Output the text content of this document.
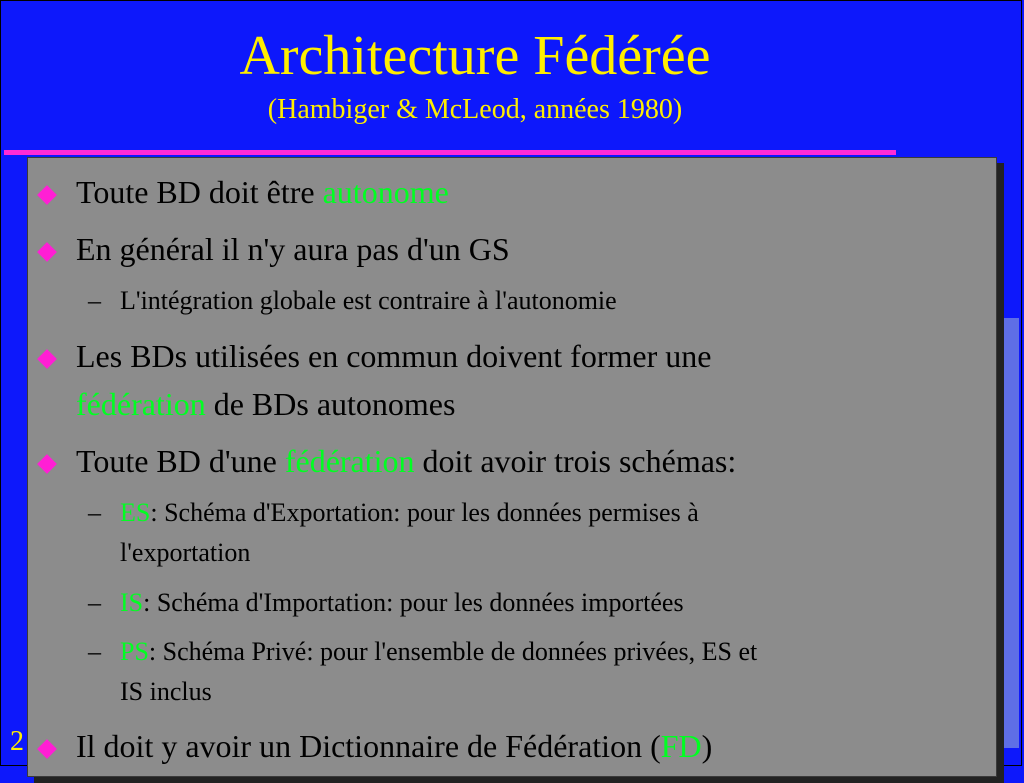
Architecture Fédérée
(Hambiger & McLeod, années 1980)
2
Toute BD doit être autonome
En général il n'y aura pas d'un GS
– L'intégration globale est contraire à l'autonomie
Les BDs utilisées en commun doivent former une
fédération de BDs autonomes
Toute BD d'une fédération doit avoir trois schémas:
– ES: Schéma d'Exportation: pour les données permises à
l'exportation
– IS: Schéma d'Importation: pour les données importées
– PS: Schéma Privé: pour l'ensemble de données privées, ES et
IS inclus
Il doit y avoir un Dictionnaire de Fédération (FD)
